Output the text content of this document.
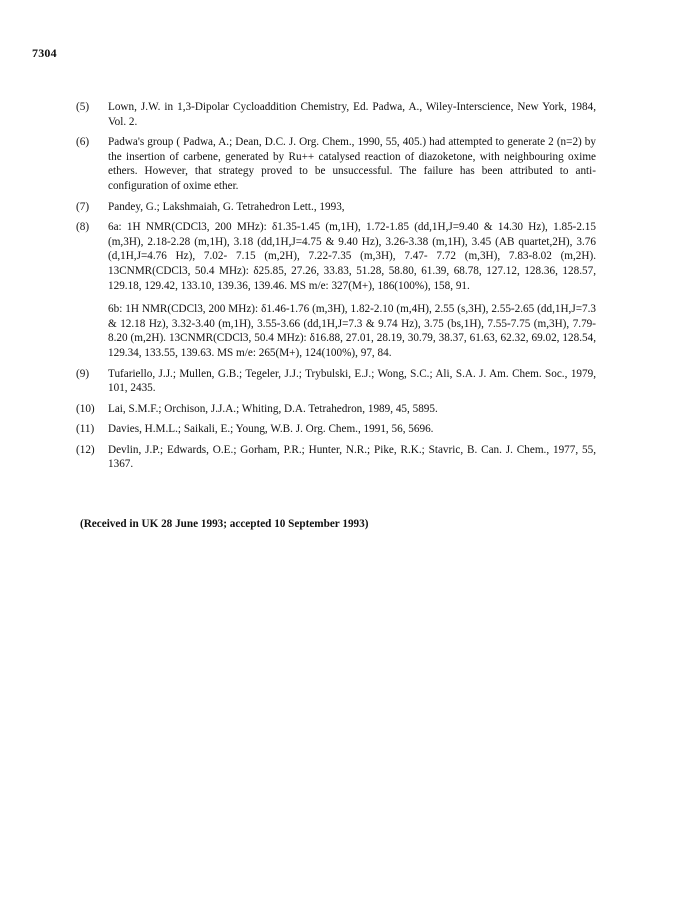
7304
(5)	Lown, J.W. in 1,3-Dipolar Cycloaddition Chemistry, Ed. Padwa, A., Wiley-Interscience, New York, 1984, Vol. 2.

(6)	Padwa's group ( Padwa, A.; Dean, D.C. J. Org. Chem., 1990, 55, 405.) had attempted to generate 2 (n=2) by the insertion of carbene, generated by Ru++ catalysed reaction of diazoketone, with neighbouring oxime ethers. However, that strategy proved to be unsuccessful. The failure has been attributed to anti-configuration of oxime ether.

(7)	Pandey, G.; Lakshmaiah, G. Tetrahedron Lett., 1993,

(8)	6a: 1H NMR(CDCl3, 200 MHz): δ1.35-1.45 (m,1H), 1.72-1.85 (dd,1H,J=9.40 & 14.30 Hz), 1.85-2.15 (m,3H), 2.18-2.28 (m,1H), 3.18 (dd,1H,J=4.75 & 9.40 Hz), 3.26-3.38 (m,1H), 3.45 (AB quartet,2H), 3.76 (d,1H,J=4.76 Hz), 7.02- 7.15 (m,2H), 7.22-7.35 (m,3H), 7.47- 7.72 (m,3H), 7.83-8.02 (m,2H). 13CNMR(CDCl3, 50.4 MHz): δ25.85, 27.26, 33.83, 51.28, 58.80, 61.39, 68.78, 127.12, 128.36, 128.57, 129.18, 129.42, 133.10, 139.36, 139.46. MS m/e: 327(M+), 186(100%), 158, 91.

6b: 1H NMR(CDCl3, 200 MHz): δ1.46-1.76 (m,3H), 1.82-2.10 (m,4H), 2.55 (s,3H), 2.55-2.65 (dd,1H,J=7.3 & 12.18 Hz), 3.32-3.40 (m,1H), 3.55-3.66 (dd,1H,J=7.3 & 9.74 Hz), 3.75 (bs,1H), 7.55-7.75 (m,3H), 7.79-8.20 (m,2H). 13CNMR(CDCl3, 50.4 MHz): δ16.88, 27.01, 28.19, 30.79, 38.37, 61.63, 62.32, 69.02, 128.54, 129.34, 133.55, 139.63. MS m/e: 265(M+), 124(100%), 97, 84.

(9)	Tufariello, J.J.; Mullen, G.B.; Tegeler, J.J.; Trybulski, E.J.; Wong, S.C.; Ali, S.A. J. Am. Chem. Soc., 1979, 101, 2435.

(10)	Lai, S.M.F.; Orchison, J.J.A.; Whiting, D.A. Tetrahedron, 1989, 45, 5895.

(11)	Davies, H.M.L.; Saikali, E.; Young, W.B. J. Org. Chem., 1991, 56, 5696.

(12)	Devlin, J.P.; Edwards, O.E.; Gorham, P.R.; Hunter, N.R.; Pike, R.K.; Stavric, B. Can. J. Chem., 1977, 55, 1367.

(Received in UK 28 June 1993; accepted 10 September 1993)
